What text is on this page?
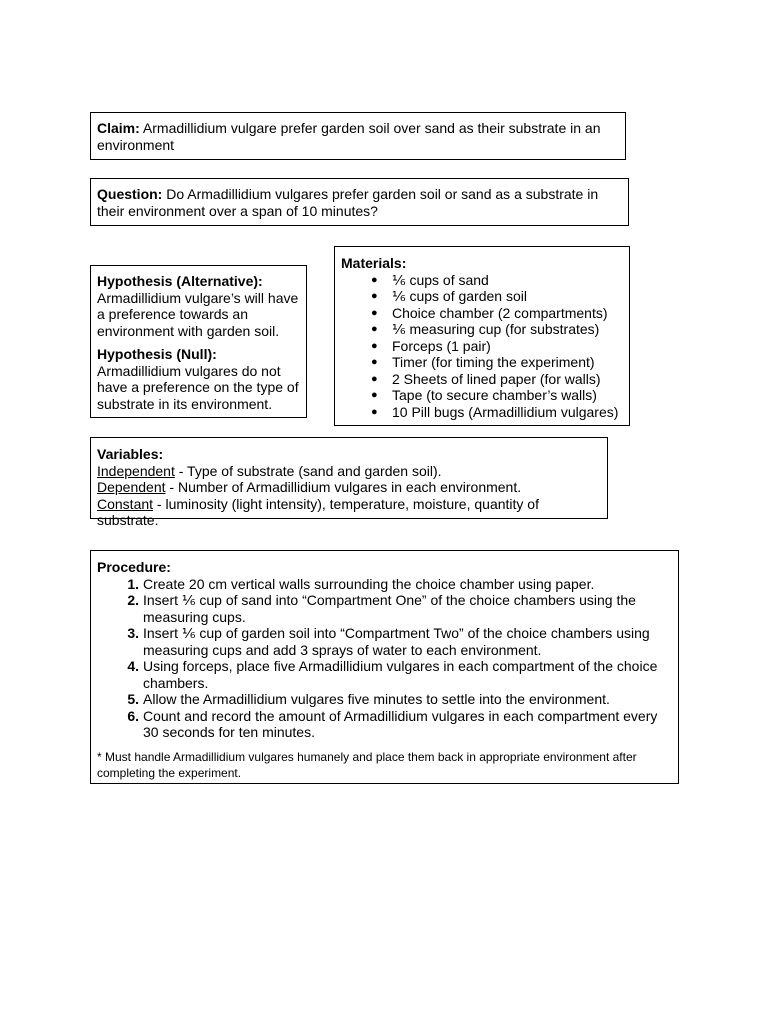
Claim: Armadillidium vulgare prefer garden soil over sand as their substrate in an environment

Question: Do Armadillidium vulgares prefer garden soil or sand as a substrate in their environment over a span of 10 minutes?

Hypothesis (Alternative):

Armadillidium vulgare’s will have a preference towards an environment with garden soil.

Hypothesis (Null):

Armadillidium vulgares do not have a preference on the type of substrate in its environment.

Materials:

● ⅙ cups of sand
● ⅙ cups of garden soil
● Choice chamber (2 compartments)
● ⅙ measuring cup (for substrates)
● Forceps (1 pair)
● Timer (for timing the experiment)
● 2 Sheets of lined paper (for walls)
● Tape (to secure chamber’s walls)
● 10 Pill bugs (Armadillidium vulgares)

Variables:

Independent - Type of substrate (sand and garden soil).

Dependent - Number of Armadillidium vulgares in each environment.

Constant - luminosity (light intensity), temperature, moisture, quantity of substrate.

Procedure:

1. Create 20 cm vertical walls surrounding the choice chamber using paper.
2. Insert ⅙ cup of sand into “Compartment One” of the choice chambers using the measuring cups.
3. Insert ⅙ cup of garden soil into “Compartment Two” of the choice chambers using measuring cups and add 3 sprays of water to each environment.
4. Using forceps, place five Armadillidium vulgares in each compartment of the choice chambers.
5. Allow the Armadillidium vulgares five minutes to settle into the environment.
6. Count and record the amount of Armadillidium vulgares in each compartment every 30 seconds for ten minutes.

* Must handle Armadillidium vulgares humanely and place them back in appropriate environment after completing the experiment.
